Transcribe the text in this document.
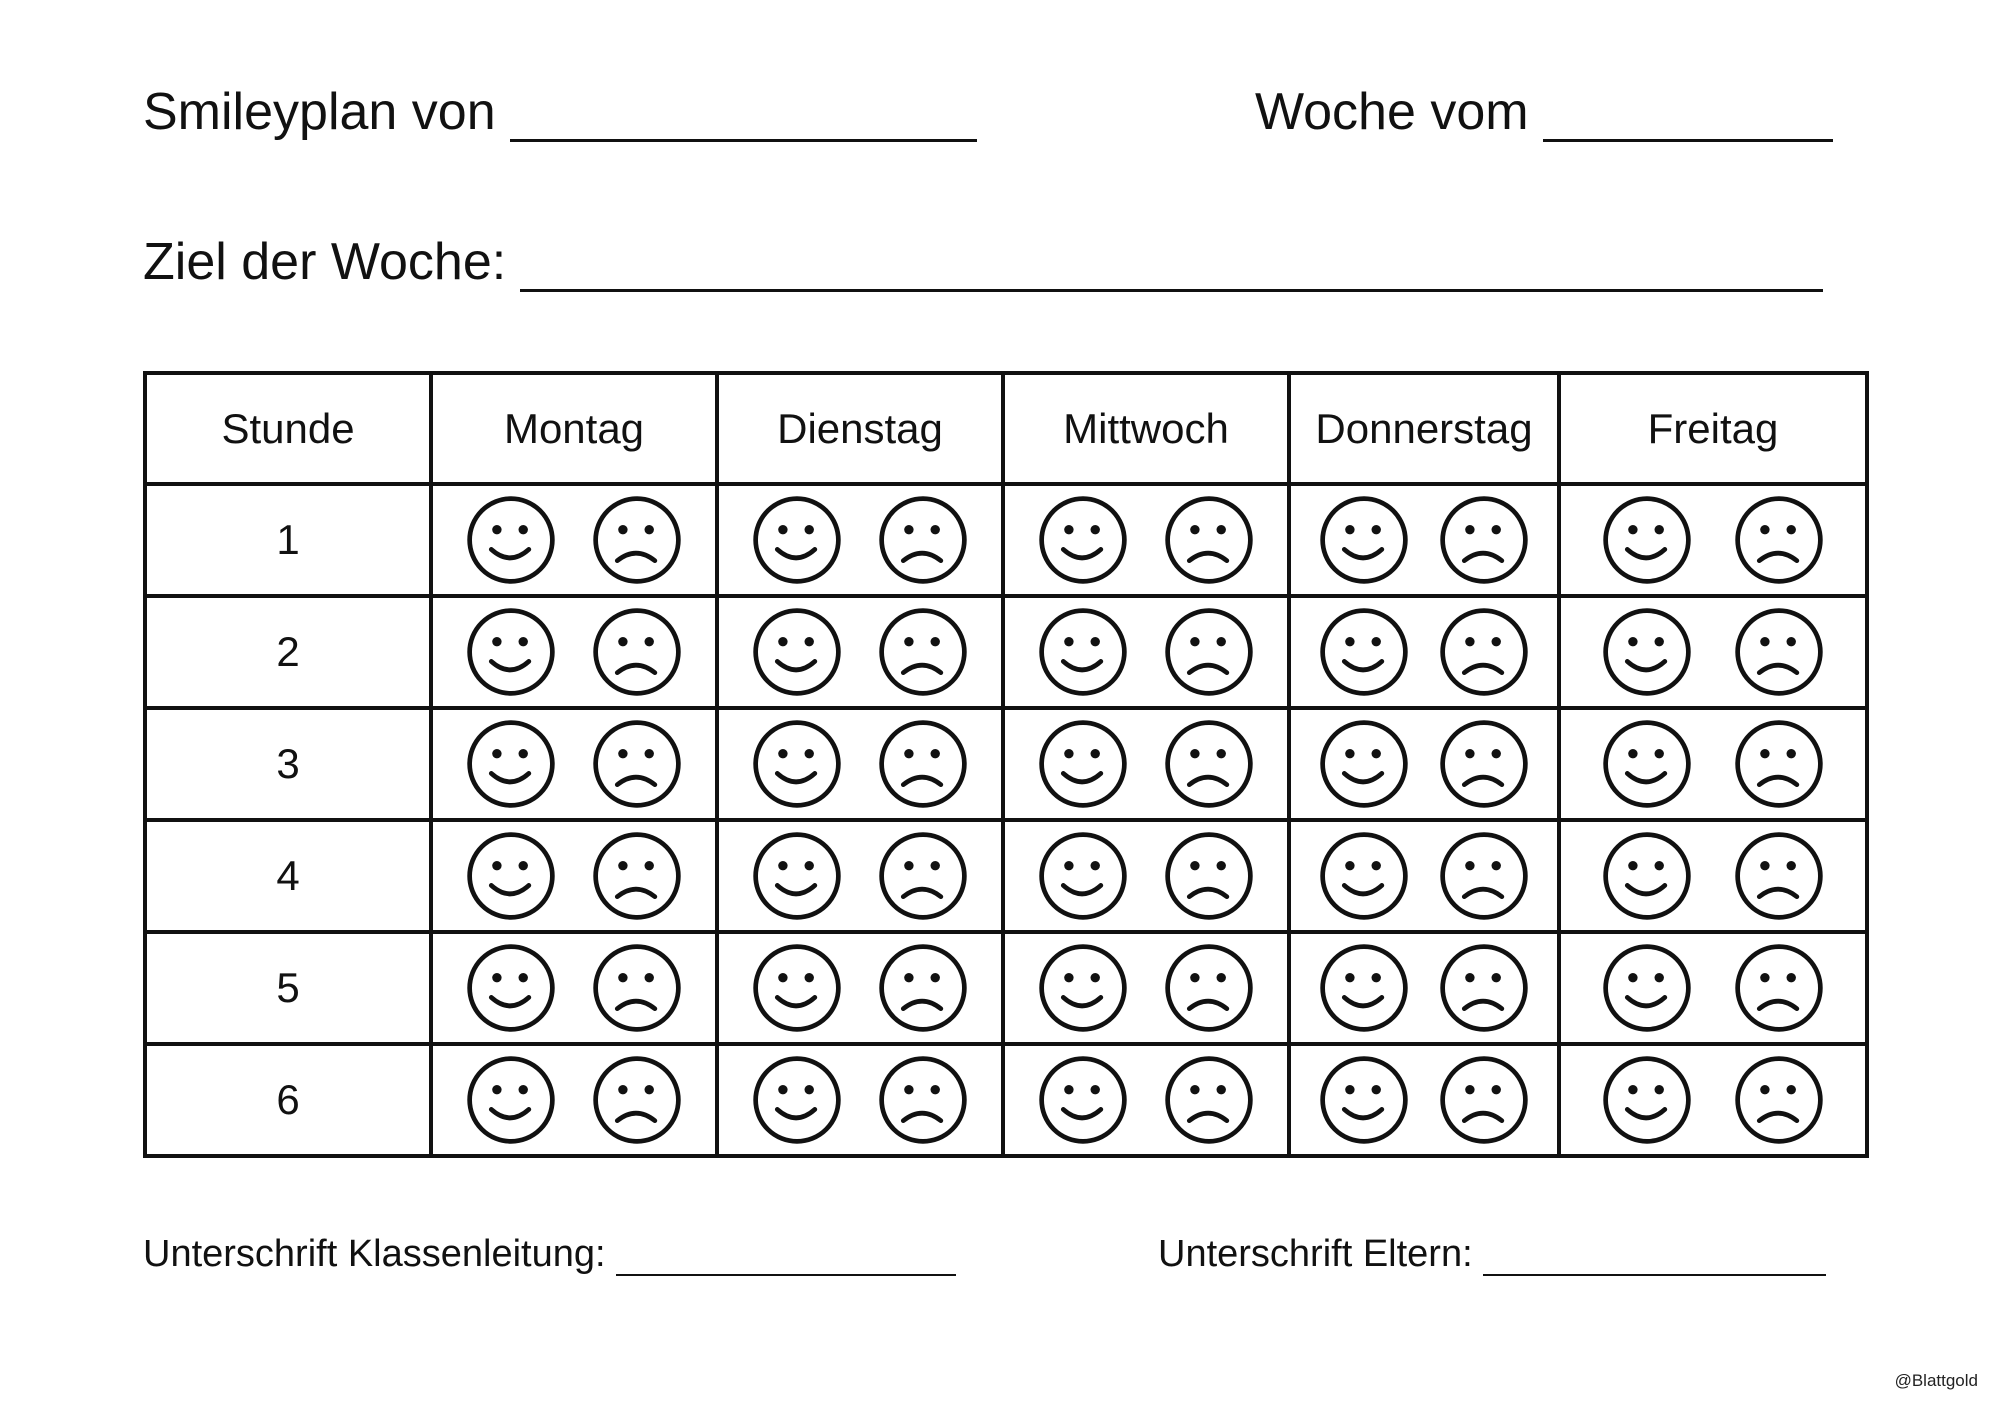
Smileyplan von	Woche vom
Ziel der Woche:
Stunde	Montag	Dienstag	Mittwoch	Donnerstag	Freitag
1	

2	

3	

4	

5	

6	

Unterschrift Klassenleitung:	Unterschrift Eltern:
@Blattgold
